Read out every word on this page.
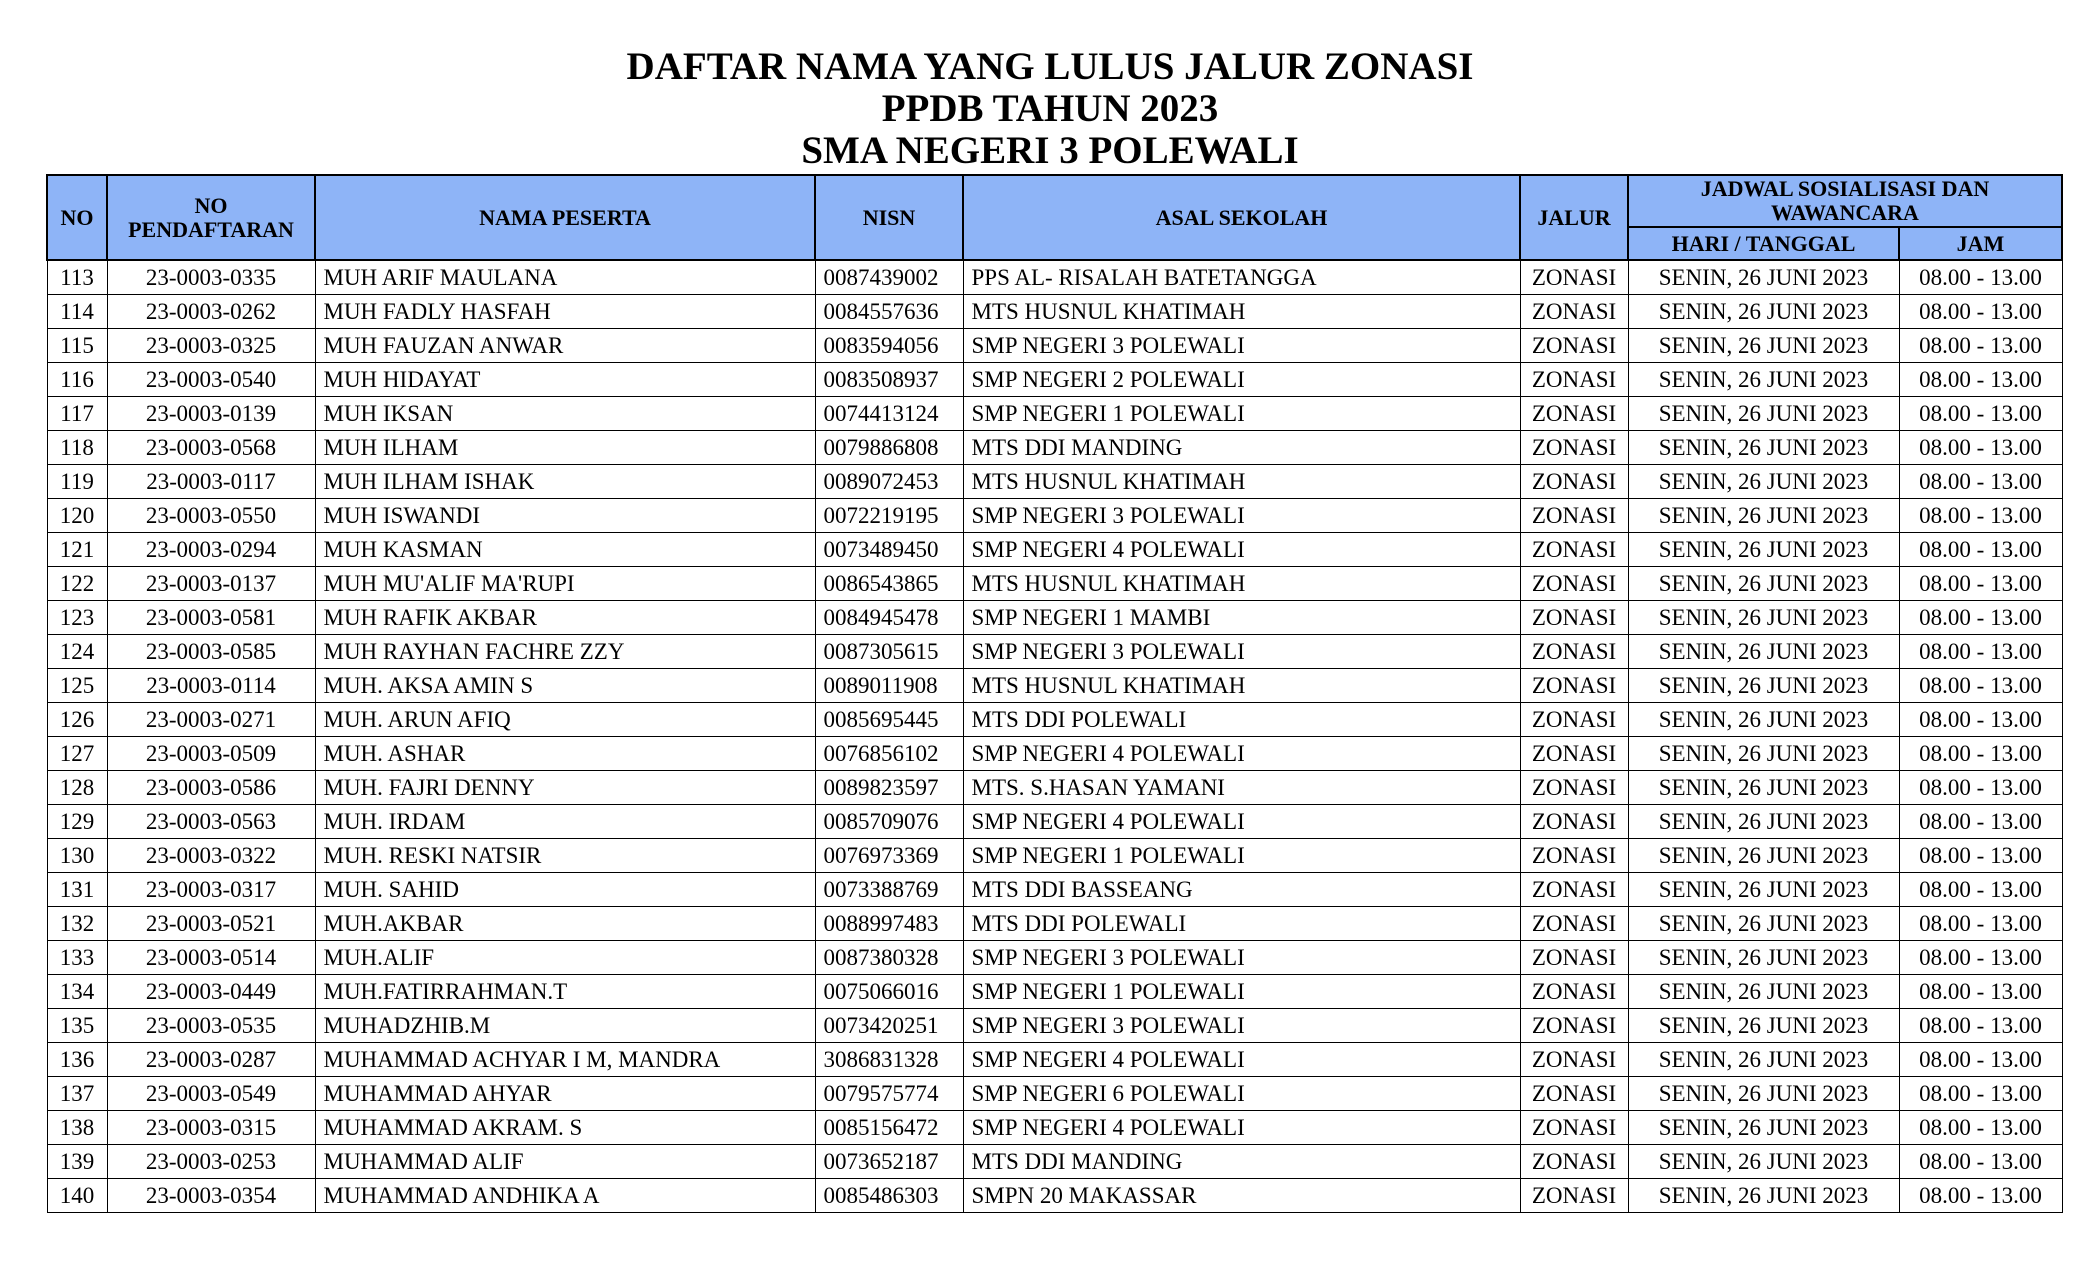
DAFTAR NAMA YANG LULUS JALUR ZONASI
PPDB TAHUN 2023
SMA NEGERI 3 POLEWALI
NO	NO PENDAFTARAN	NAMA PESERTA	NISN	ASAL SEKOLAH	JALUR	JADWAL SOSIALISASI DAN WAWANCARA	
						HARI / TANGGAL	JAM
113	23-0003-0335	MUH ARIF MAULANA	0087439002	PPS AL- RISALAH BATETANGGA	ZONASI	SENIN, 26 JUNI 2023	08.00 - 13.00
114	23-0003-0262	MUH FADLY HASFAH	0084557636	MTS HUSNUL KHATIMAH	ZONASI	SENIN, 26 JUNI 2023	08.00 - 13.00
115	23-0003-0325	MUH FAUZAN ANWAR	0083594056	SMP NEGERI 3 POLEWALI	ZONASI	SENIN, 26 JUNI 2023	08.00 - 13.00
116	23-0003-0540	MUH HIDAYAT	0083508937	SMP NEGERI 2 POLEWALI	ZONASI	SENIN, 26 JUNI 2023	08.00 - 13.00
117	23-0003-0139	MUH IKSAN	0074413124	SMP NEGERI 1 POLEWALI	ZONASI	SENIN, 26 JUNI 2023	08.00 - 13.00
118	23-0003-0568	MUH ILHAM	0079886808	MTS DDI MANDING	ZONASI	SENIN, 26 JUNI 2023	08.00 - 13.00
119	23-0003-0117	MUH ILHAM ISHAK	0089072453	MTS HUSNUL KHATIMAH	ZONASI	SENIN, 26 JUNI 2023	08.00 - 13.00
120	23-0003-0550	MUH ISWANDI	0072219195	SMP NEGERI 3 POLEWALI	ZONASI	SENIN, 26 JUNI 2023	08.00 - 13.00
121	23-0003-0294	MUH KASMAN	0073489450	SMP NEGERI 4 POLEWALI	ZONASI	SENIN, 26 JUNI 2023	08.00 - 13.00
122	23-0003-0137	MUH MU'ALIF MA'RUPI	0086543865	MTS HUSNUL KHATIMAH	ZONASI	SENIN, 26 JUNI 2023	08.00 - 13.00
123	23-0003-0581	MUH RAFIK AKBAR	0084945478	SMP NEGERI 1 MAMBI	ZONASI	SENIN, 26 JUNI 2023	08.00 - 13.00
124	23-0003-0585	MUH RAYHAN FACHRE ZZY	0087305615	SMP NEGERI 3 POLEWALI	ZONASI	SENIN, 26 JUNI 2023	08.00 - 13.00
125	23-0003-0114	MUH. AKSA AMIN S	0089011908	MTS HUSNUL KHATIMAH	ZONASI	SENIN, 26 JUNI 2023	08.00 - 13.00
126	23-0003-0271	MUH. ARUN AFIQ	0085695445	MTS DDI POLEWALI	ZONASI	SENIN, 26 JUNI 2023	08.00 - 13.00
127	23-0003-0509	MUH. ASHAR	0076856102	SMP NEGERI 4 POLEWALI	ZONASI	SENIN, 26 JUNI 2023	08.00 - 13.00
128	23-0003-0586	MUH. FAJRI DENNY	0089823597	MTS. S.HASAN YAMANI	ZONASI	SENIN, 26 JUNI 2023	08.00 - 13.00
129	23-0003-0563	MUH. IRDAM	0085709076	SMP NEGERI 4 POLEWALI	ZONASI	SENIN, 26 JUNI 2023	08.00 - 13.00
130	23-0003-0322	MUH. RESKI NATSIR	0076973369	SMP NEGERI 1 POLEWALI	ZONASI	SENIN, 26 JUNI 2023	08.00 - 13.00
131	23-0003-0317	MUH. SAHID	0073388769	MTS DDI BASSEANG	ZONASI	SENIN, 26 JUNI 2023	08.00 - 13.00
132	23-0003-0521	MUH.AKBAR	0088997483	MTS DDI POLEWALI	ZONASI	SENIN, 26 JUNI 2023	08.00 - 13.00
133	23-0003-0514	MUH.ALIF	0087380328	SMP NEGERI 3 POLEWALI	ZONASI	SENIN, 26 JUNI 2023	08.00 - 13.00
134	23-0003-0449	MUH.FATIRRAHMAN.T	0075066016	SMP NEGERI 1 POLEWALI	ZONASI	SENIN, 26 JUNI 2023	08.00 - 13.00
135	23-0003-0535	MUHADZHIB.M	0073420251	SMP NEGERI 3 POLEWALI	ZONASI	SENIN, 26 JUNI 2023	08.00 - 13.00
136	23-0003-0287	MUHAMMAD ACHYAR I M, MANDRA	3086831328	SMP NEGERI 4 POLEWALI	ZONASI	SENIN, 26 JUNI 2023	08.00 - 13.00
137	23-0003-0549	MUHAMMAD AHYAR	0079575774	SMP NEGERI 6 POLEWALI	ZONASI	SENIN, 26 JUNI 2023	08.00 - 13.00
138	23-0003-0315	MUHAMMAD AKRAM. S	0085156472	SMP NEGERI 4 POLEWALI	ZONASI	SENIN, 26 JUNI 2023	08.00 - 13.00
139	23-0003-0253	MUHAMMAD ALIF	0073652187	MTS DDI MANDING	ZONASI	SENIN, 26 JUNI 2023	08.00 - 13.00
140	23-0003-0354	MUHAMMAD ANDHIKA A	0085486303	SMPN 20 MAKASSAR	ZONASI	SENIN, 26 JUNI 2023	08.00 - 13.00
